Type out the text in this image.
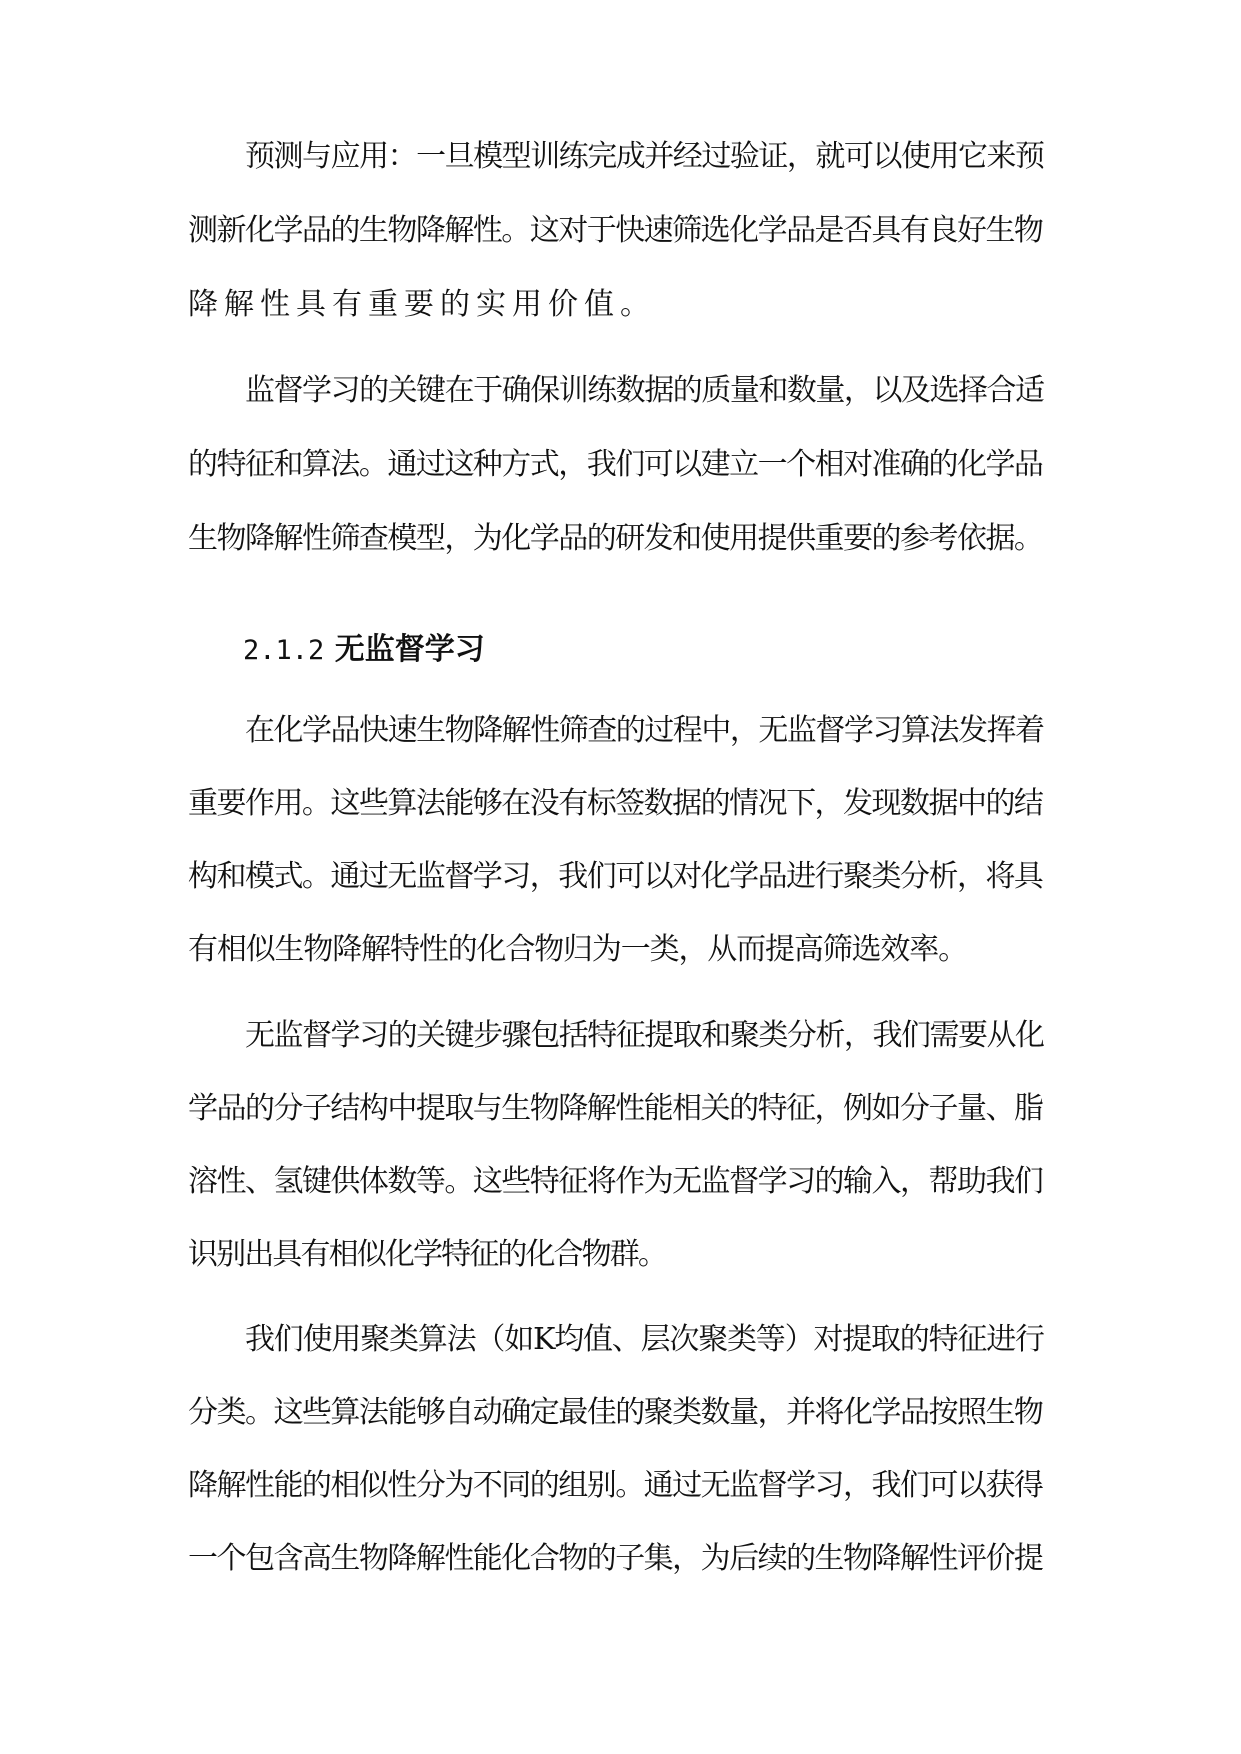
预测与应用：一旦模型训练完成并经过验证，就可以使用它来预

测新化学品的生物降解性。这对于快速筛选化学品是否具有良好生物

降解性具有重要的实用价值。

监督学习的关键在于确保训练数据的质量和数量，以及选择合适

的特征和算法。通过这种方式，我们可以建立一个相对准确的化学品

生物降解性筛查模型，为化学品的研发和使用提供重要的参考依据。

2.1.2 无监督学习

在化学品快速生物降解性筛查的过程中，无监督学习算法发挥着

重要作用。这些算法能够在没有标签数据的情况下，发现数据中的结

构和模式。通过无监督学习，我们可以对化学品进行聚类分析，将具

有相似生物降解特性的化合物归为一类，从而提高筛选效率。

无监督学习的关键步骤包括特征提取和聚类分析，我们需要从化

学品的分子结构中提取与生物降解性能相关的特征，例如分子量、脂

溶性、氢键供体数等。这些特征将作为无监督学习的输入，帮助我们

识别出具有相似化学特征的化合物群。

我们使用聚类算法（如K均值、层次聚类等）对提取的特征进行

分类。这些算法能够自动确定最佳的聚类数量，并将化学品按照生物

降解性能的相似性分为不同的组别。通过无监督学习，我们可以获得

一个包含高生物降解性能化合物的子集，为后续的生物降解性评价提
